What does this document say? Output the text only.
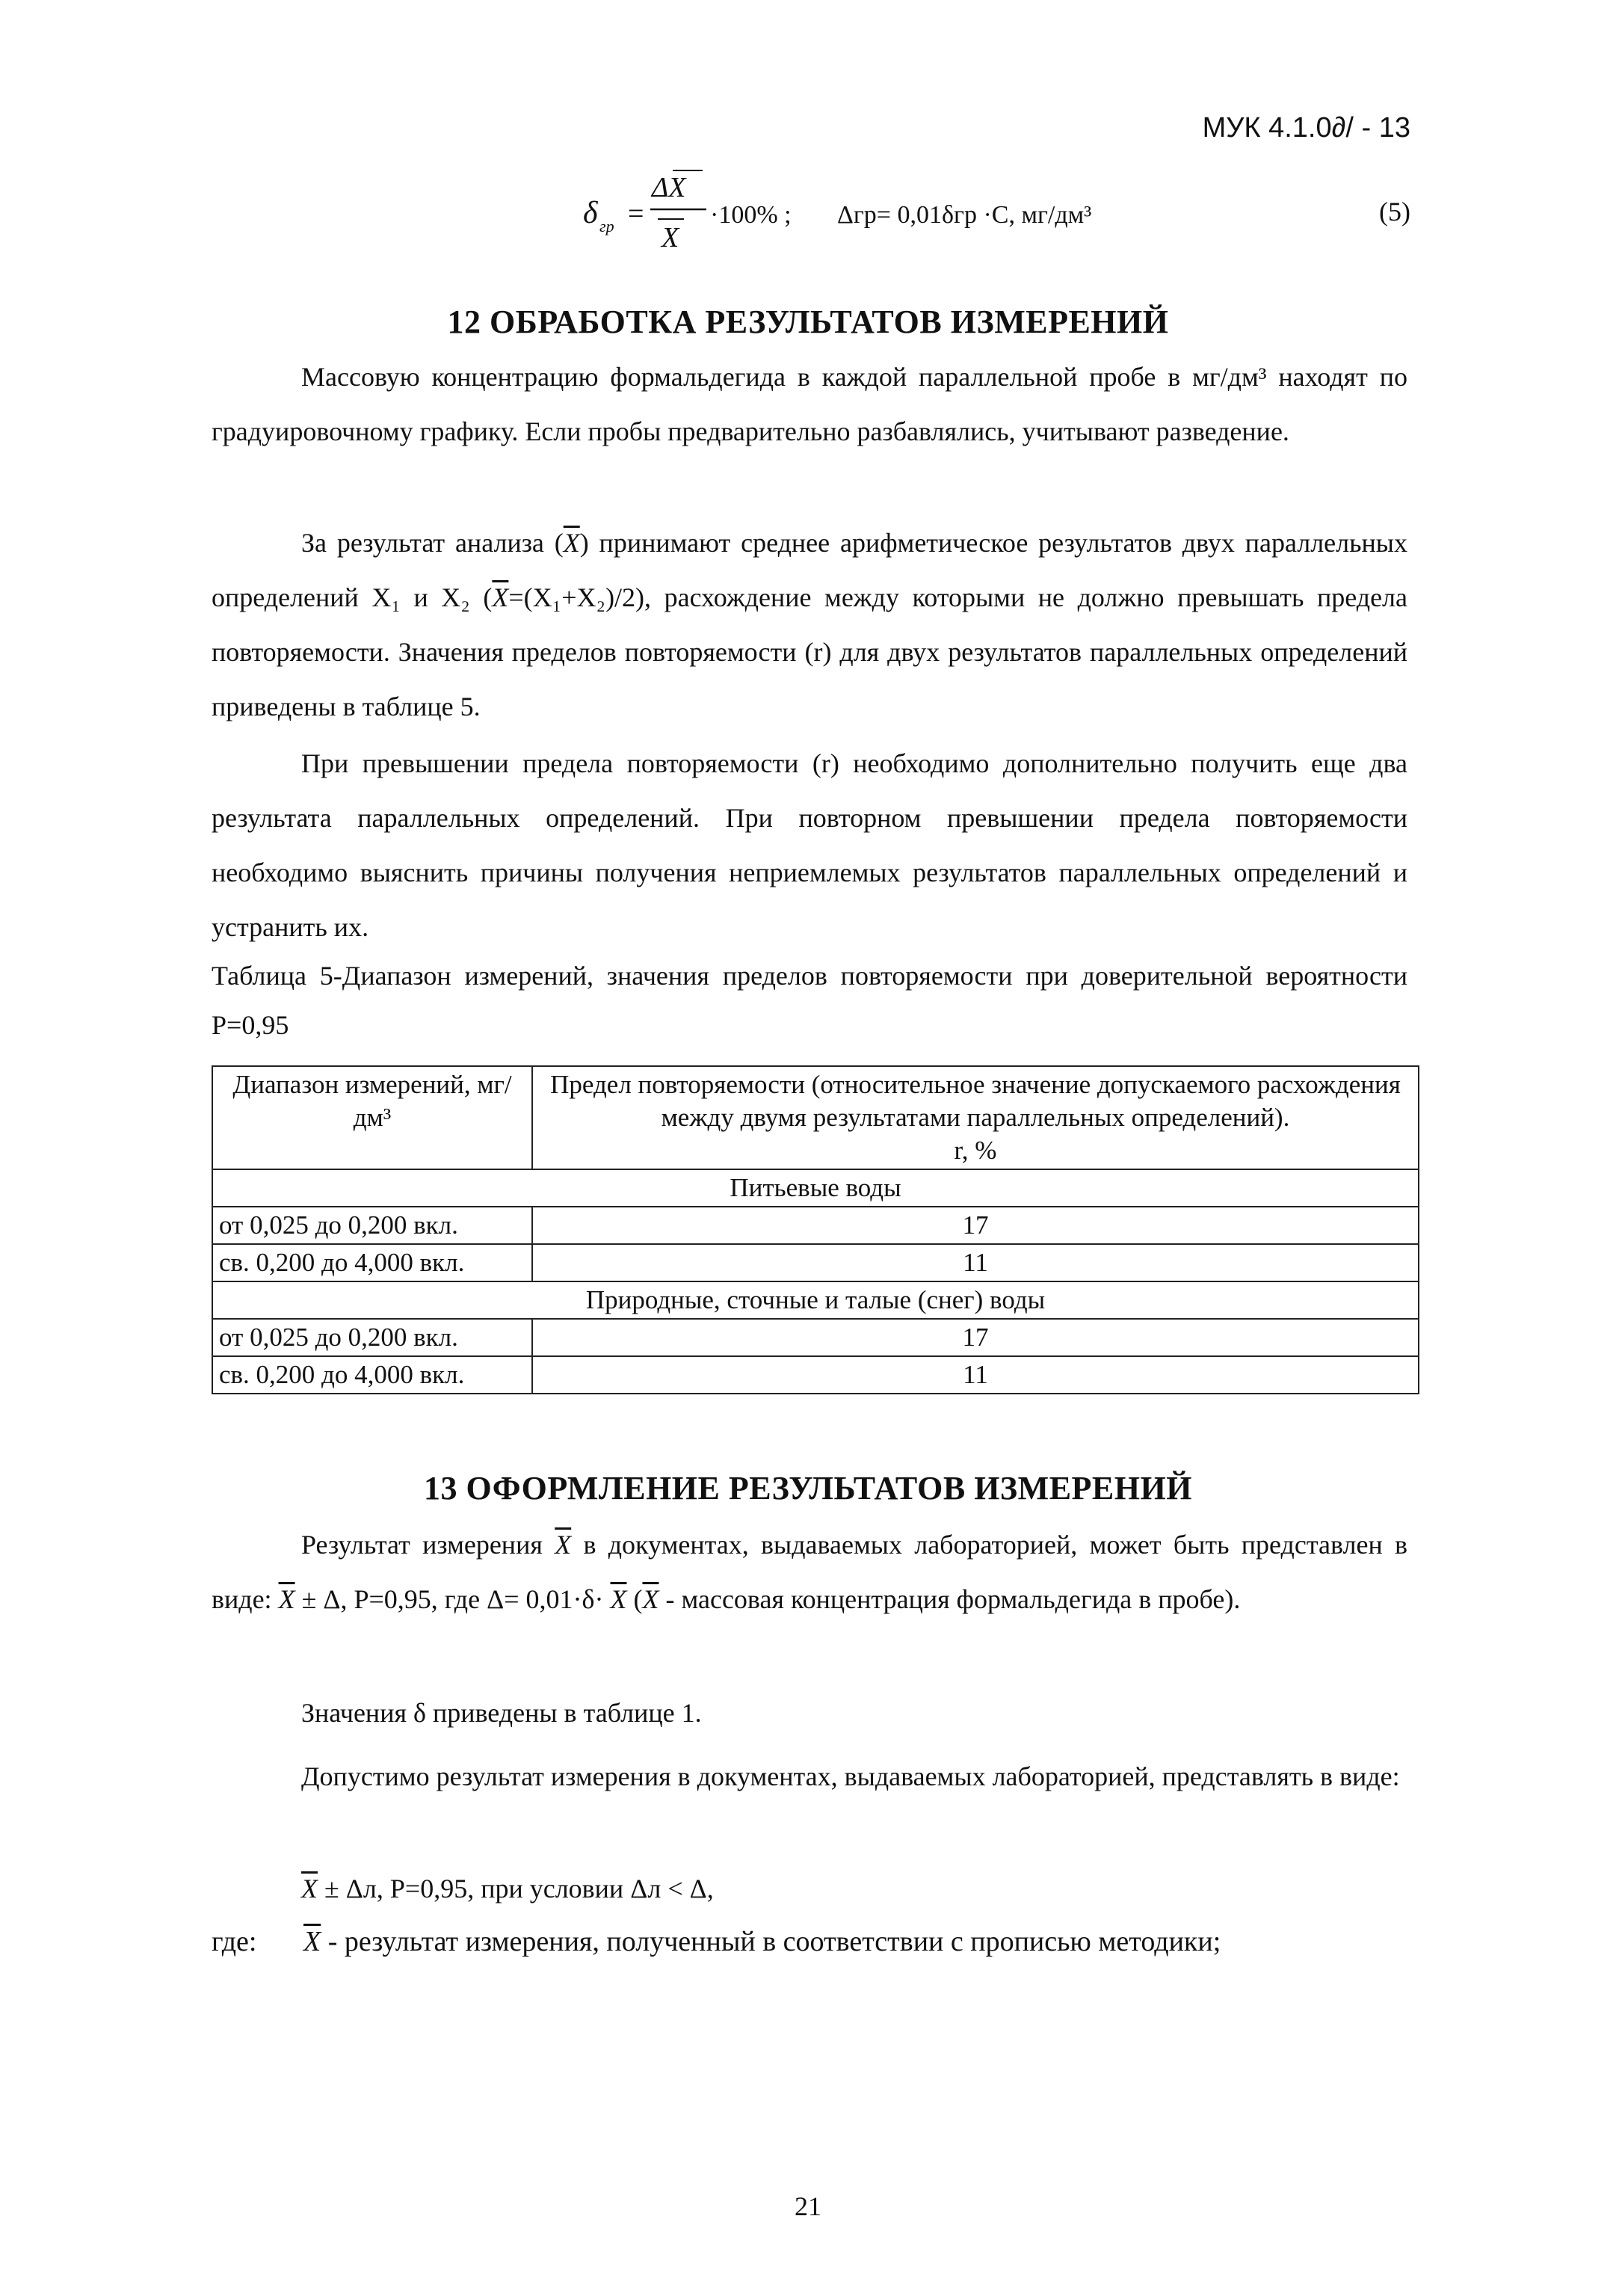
МУК 4.1.0∂/ - 13
δ гр =
ΔX
X
·100% ; Δгр= 0,01δгр ·С, мг/дм³	(5)
12 ОБРАБОТКА РЕЗУЛЬТАТОВ ИЗМЕРЕНИЙ

Массовую концентрацию формальдегида в каждой параллельной пробе в мг/дм³ находят по градуировочному графику. Если пробы предварительно разбавлялись, учитывают разведение.

За результат анализа $(\overline{X})$ принимают среднее арифметическое результатов двух параллельных определений X₁ и X₂ $(\overline{X}=(X_1+X_2)/2)$, расхождение между которыми не должно превышать предела повторяемости. Значения пределов повторяемости (r) для двух результатов параллельных определений приведены в таблице 5.

При превышении предела повторяемости (r) необходимо дополнительно получить еще два результата параллельных определений. При повторном превышении предела повторяемости необходимо выяснить причины получения неприемлемых результатов параллельных определений и устранить их.

Таблица 5-Диапазон измерений, значения пределов повторяемости при доверительной вероятности Р=0,95
Диапазон измерений, мг/дм³	Предел повторяемости (относительное значение допускаемого расхождения между двумя результатами параллельных определений).
r, %

Питьевые воды	
от 0,025 до 0,200 вкл.	17
св. 0,200 до 4,000 вкл.	11
Природные, сточные и талые (снег) воды	
от 0,025 до 0,200 вкл.	17
св. 0,200 до 4,000 вкл.	11
13 ОФОРМЛЕНИЕ РЕЗУЛЬТАТОВ ИЗМЕРЕНИЙ

Результат измерения $\overline{X}$ в документах, выдаваемых лабораторией, может быть представлен в виде: $\overline{X} \pm \Delta$, Р=0,95, где $\Delta= 0,01\cdot\delta\cdot \overline{X}$ ($\overline{X}$ - массовая концентрация формальдегида в пробе).

Значения δ приведены в таблице 1.

Допустимо результат измерения в документах, выдаваемых лабораторией, представлять в виде:

$\overline{X} \pm \Delta л$, Р=0,95, при условии Δл < Δ,

где: $\overline{X}$ - результат измерения, полученный в соответствии с прописью методики;
21
